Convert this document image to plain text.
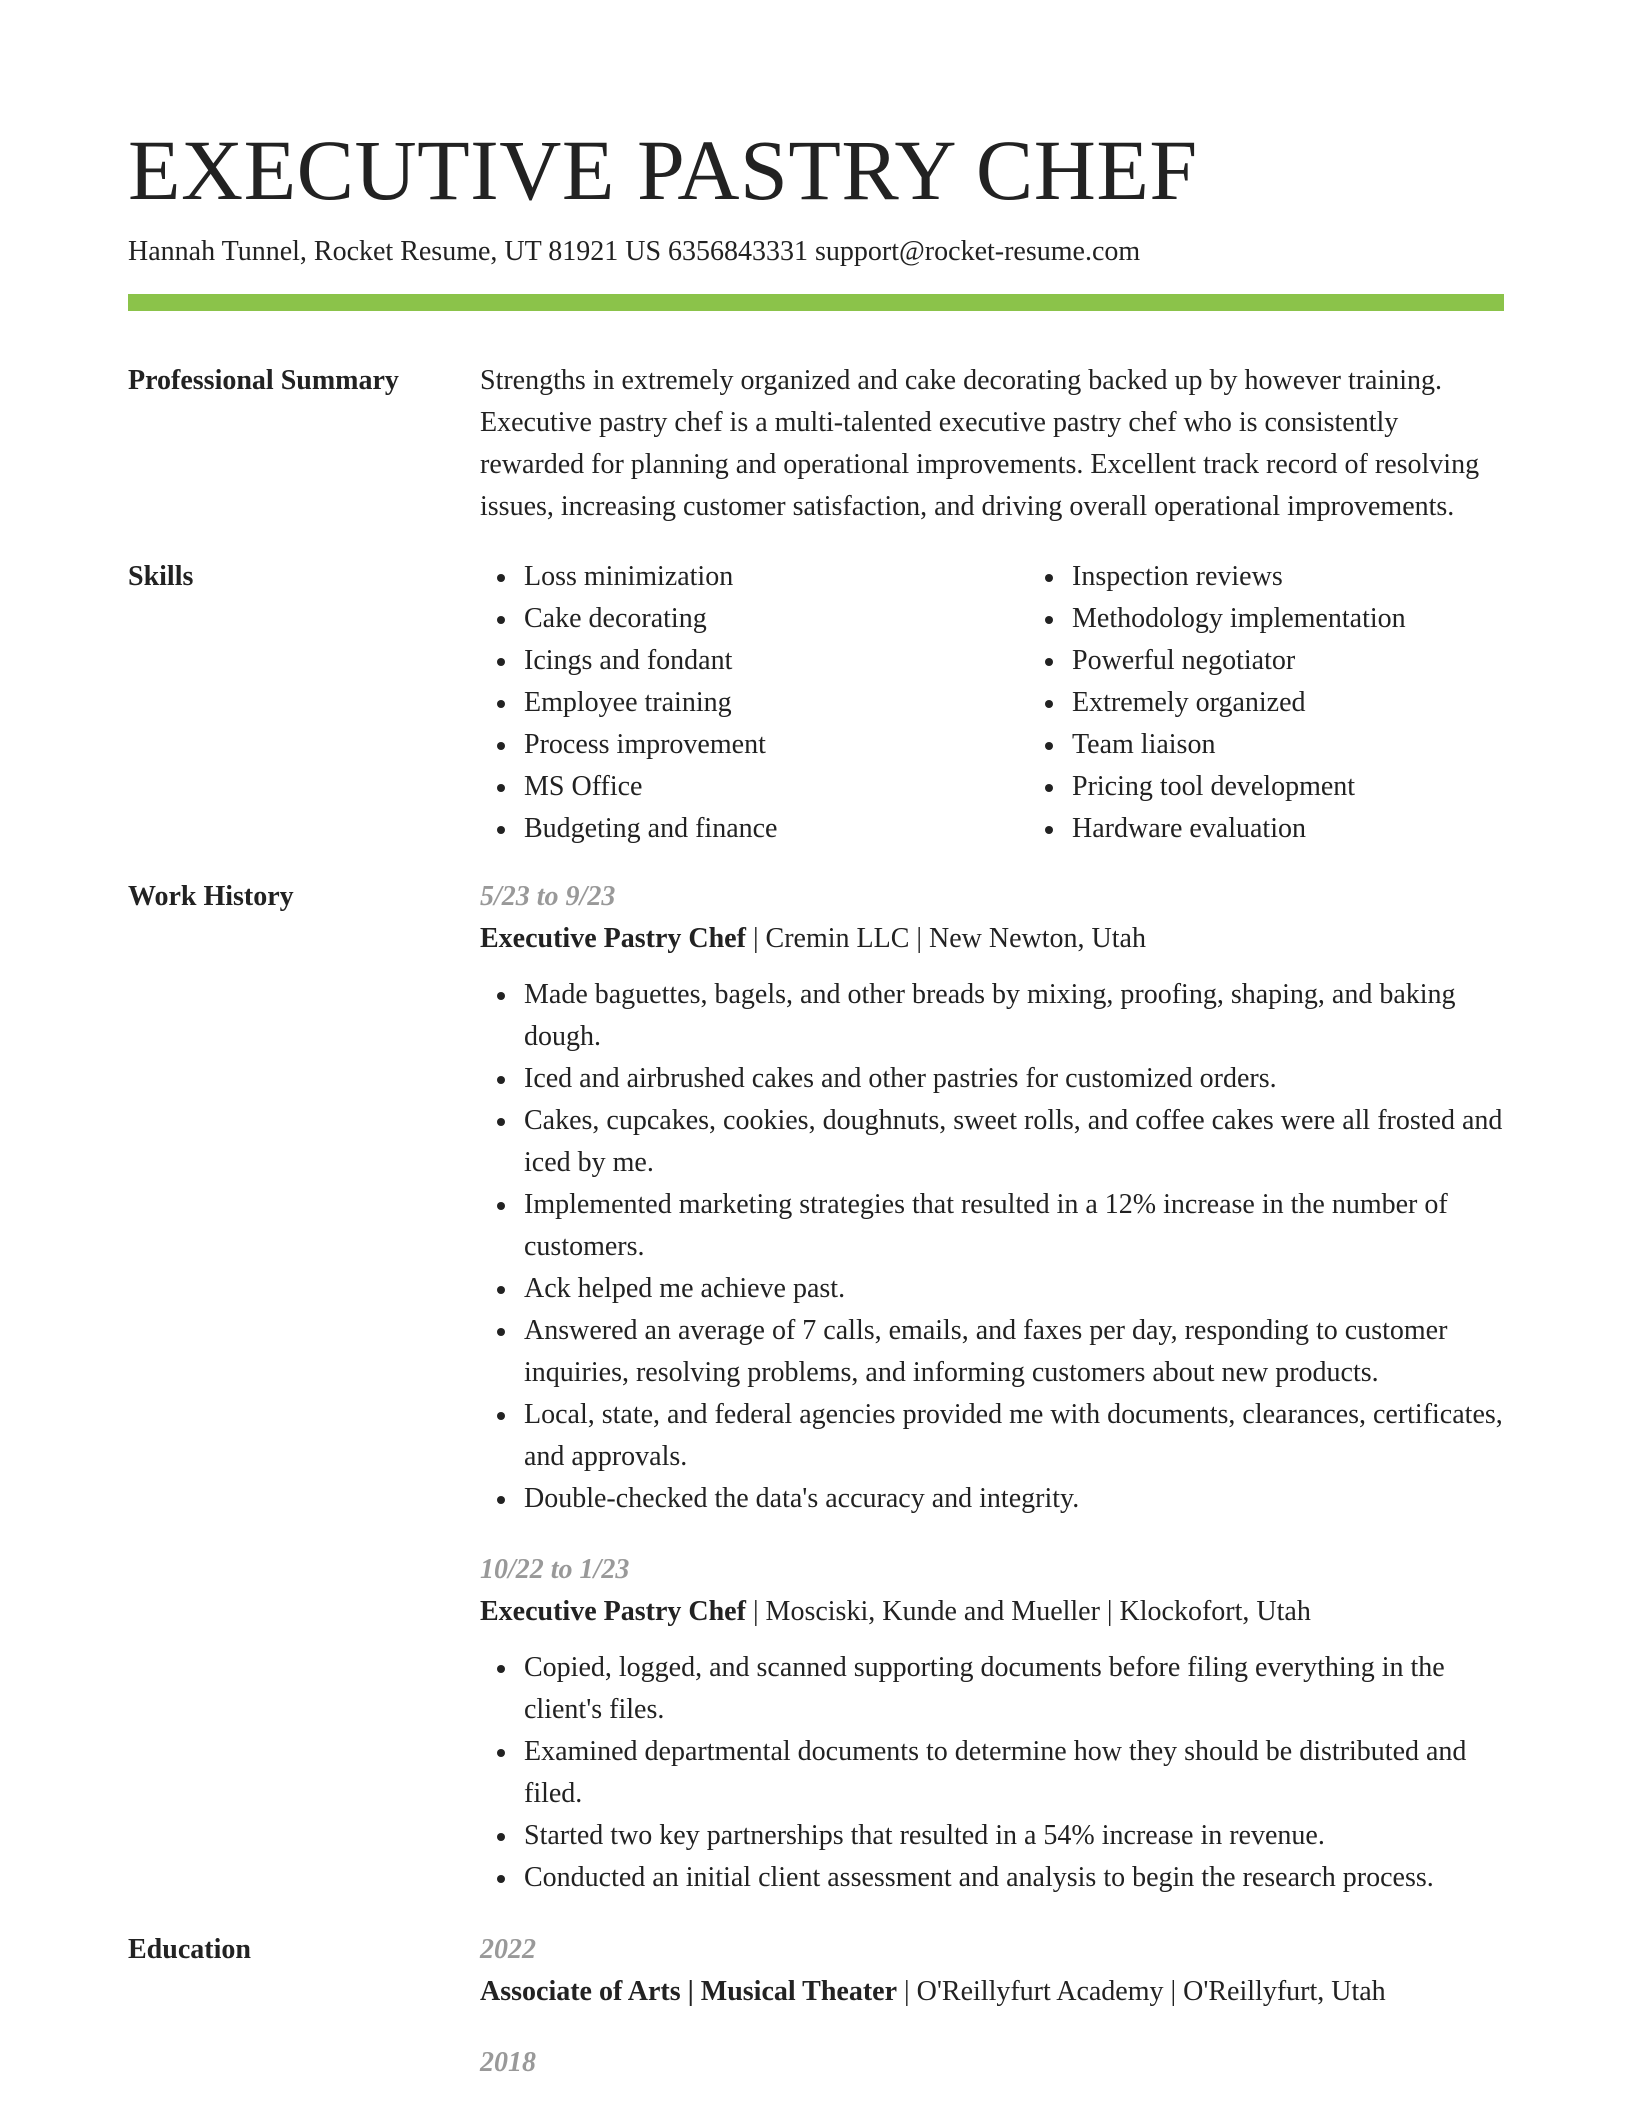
EXECUTIVE PASTRY CHEF
Hannah Tunnel, Rocket Resume, UT 81921 US 6356843331 support@rocket-resume.com
Professional Summary	Strengths in extremely organized and cake decorating backed up by however training. Executive pastry chef is a multi-talented executive pastry chef who is consistently rewarded for planning and operational improvements. Excellent track record of resolving issues, increasing customer satisfaction, and driving overall operational improvements.

Skills	Loss minimization
Cake decorating
Icings and fondant
Employee training
Process improvement
MS Office
Budgeting and finance
Inspection reviews
Methodology implementation
Powerful negotiator
Extremely organized
Team liaison
Pricing tool development
Hardware evaluation
Work History	5/23 to 9/23

Executive Pastry Chef | Cremin LLC | New Newton, Utah

Made baguettes, bagels, and other breads by mixing, proofing, shaping, and baking dough.
Iced and airbrushed cakes and other pastries for customized orders.
Cakes, cupcakes, cookies, doughnuts, sweet rolls, and coffee cakes were all frosted and iced by me.
Implemented marketing strategies that resulted in a 12% increase in the number of customers.
Ack helped me achieve past.
Answered an average of 7 calls, emails, and faxes per day, responding to customer inquiries, resolving problems, and informing customers about new products.
Local, state, and federal agencies provided me with documents, clearances, certificates, and approvals.
Double-checked the data's accuracy and integrity.
10/22 to 1/23

Executive Pastry Chef | Mosciski, Kunde and Mueller | Klockofort, Utah

Copied, logged, and scanned supporting documents before filing everything in the client's files.
Examined departmental documents to determine how they should be distributed and filed.
Started two key partnerships that resulted in a 54% increase in revenue.
Conducted an initial client assessment and analysis to begin the research process.
Education	2022

Associate of Arts | Musical Theater | O'Reillyfurt Academy | O'Reillyfurt, Utah

2018
